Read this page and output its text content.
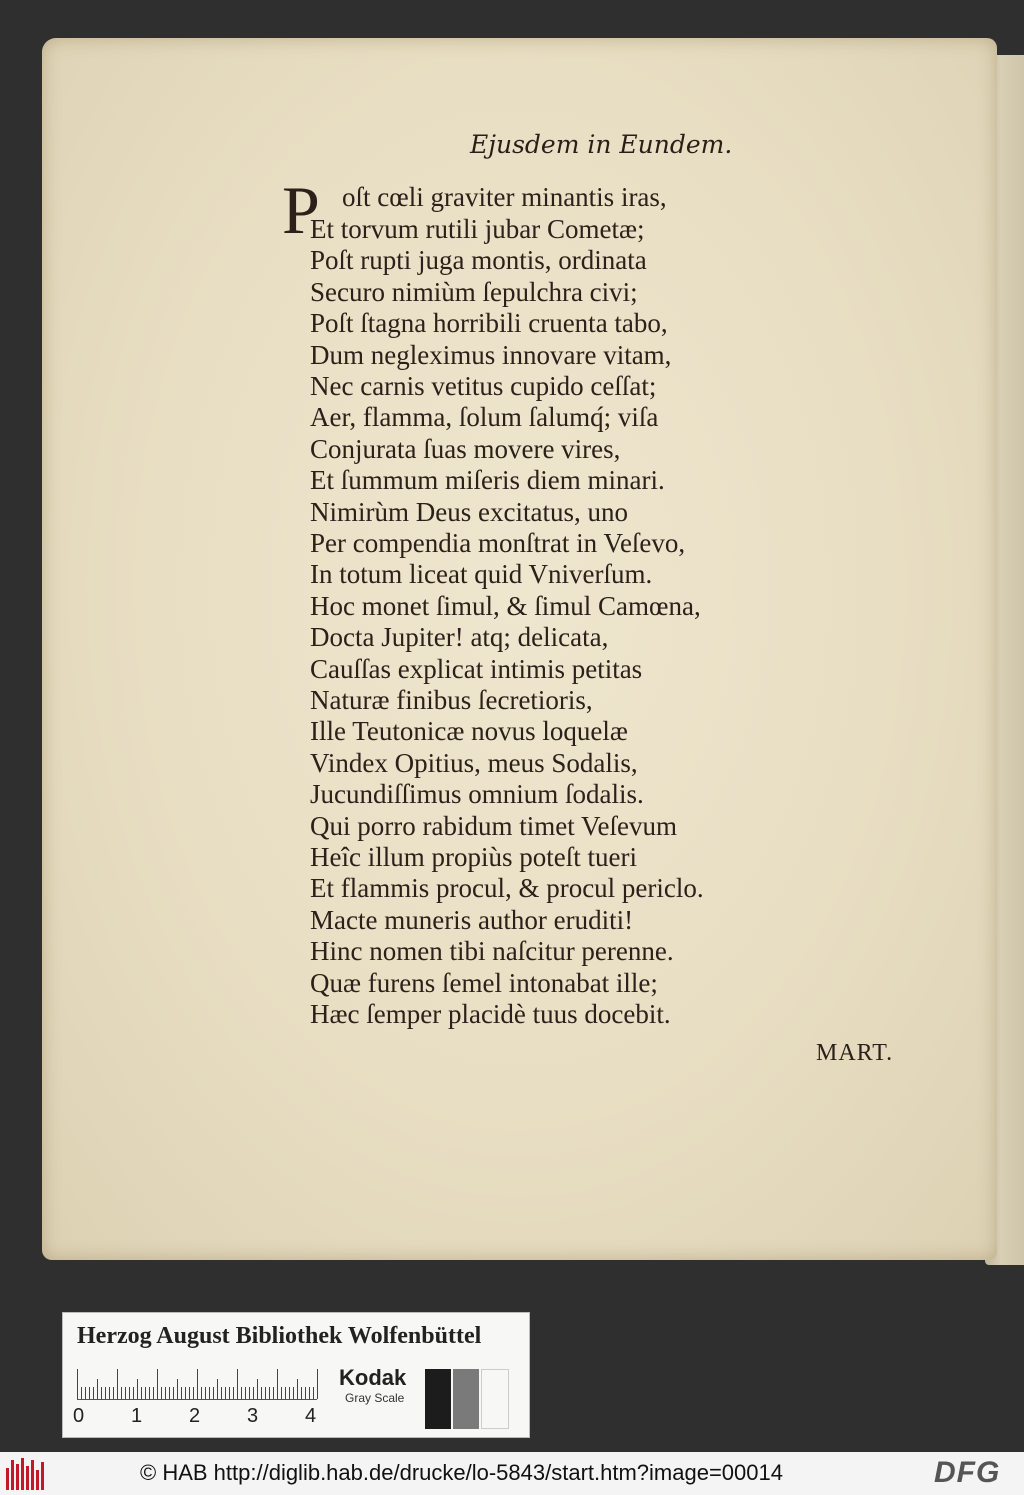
Ejusdem in Eundem.
P oſt cœli graviter minantis iras,
Et torvum rutili jubar Cometæ;
Poſt rupti juga montis, ordinata
Securo nimiùm ſepulchra civi;
Poſt ſtagna horribili cruenta tabo,
Dum negleximus innovare vitam,
Nec carnis vetitus cupido ceſſat;
Aer, flamma, ſolum ſalumq́; viſa
Conjurata ſuas movere vires,
Et ſummum miſeris diem minari.
Nimirùm Deus excitatus, uno
Per compendia monſtrat in Veſevo,
In totum liceat quid Vniverſum.
Hoc monet ſimul, & ſimul Camœna,
Docta Jupiter! atq; delicata,
Cauſſas explicat intimis petitas
Naturæ finibus ſecretioris,
Ille Teutonicæ novus loquelæ
Vindex Opitius, meus Sodalis,
Jucundiſſimus omnium ſodalis.
Qui porro rabidum timet Veſevum
Heîc illum propiùs poteſt tueri
Et flammis procul, & procul periclo.
Macte muneris author eruditi!
Hinc nomen tibi naſcitur perenne.
Quæ furens ſemel intonabat ille;
Hæc ſemper placidè tuus docebit.
MART.
Herzog August Bibliothek Wolfenbüttel
0 1 2 3 4
Kodak
Gray Scale
© HAB http://diglib.hab.de/drucke/lo-5843/start.htm?image=00014	DFG
